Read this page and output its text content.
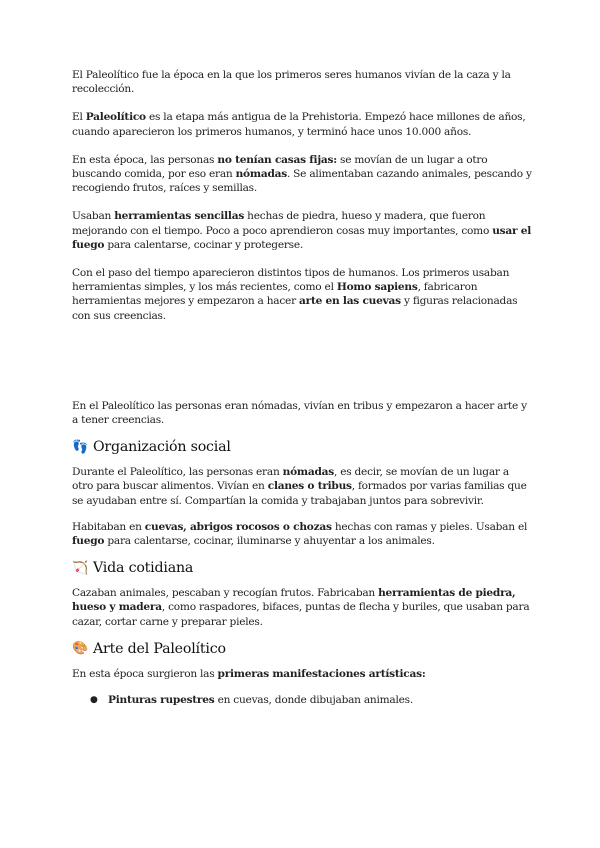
El Paleolítico fue la época en la que los primeros seres humanos vivían de la caza y la recolección.

El Paleolítico es la etapa más antigua de la Prehistoria. Empezó hace millones de años, cuando aparecieron los primeros humanos, y terminó hace unos 10.000 años.

En esta época, las personas no tenían casas fijas: se movían de un lugar a otro buscando comida, por eso eran nómadas. Se alimentaban cazando animales, pescando y recogiendo frutos, raíces y semillas.

Usaban herramientas sencillas hechas de piedra, hueso y madera, que fueron mejorando con el tiempo. Poco a poco aprendieron cosas muy importantes, como usar el fuego para calentarse, cocinar y protegerse.

Con el paso del tiempo aparecieron distintos tipos de humanos. Los primeros usaban herramientas simples, y los más recientes, como el Homo sapiens, fabricaron herramientas mejores y empezaron a hacer arte en las cuevas y figuras relacionadas con sus creencias.

En el Paleolítico las personas eran nómadas, vivían en tribus y empezaron a hacer arte y a tener creencias.

👣 Organización social

Durante el Paleolítico, las personas eran nómadas, es decir, se movían de un lugar a otro para buscar alimentos. Vivían en clanes o tribus, formados por varias familias que se ayudaban entre sí. Compartían la comida y trabajaban juntos para sobrevivir.

Habitaban en cuevas, abrigos rocosos o chozas hechas con ramas y pieles. Usaban el fuego para calentarse, cocinar, iluminarse y ahuyentar a los animales.

🏹 Vida cotidiana

Cazaban animales, pescaban y recogían frutos. Fabricaban herramientas de piedra, hueso y madera, como raspadores, bifaces, puntas de flecha y buriles, que usaban para cazar, cortar carne y preparar pieles.

🎨 Arte del Paleolítico

En esta época surgieron las primeras manifestaciones artísticas:

● Pinturas rupestres en cuevas, donde dibujaban animales.
